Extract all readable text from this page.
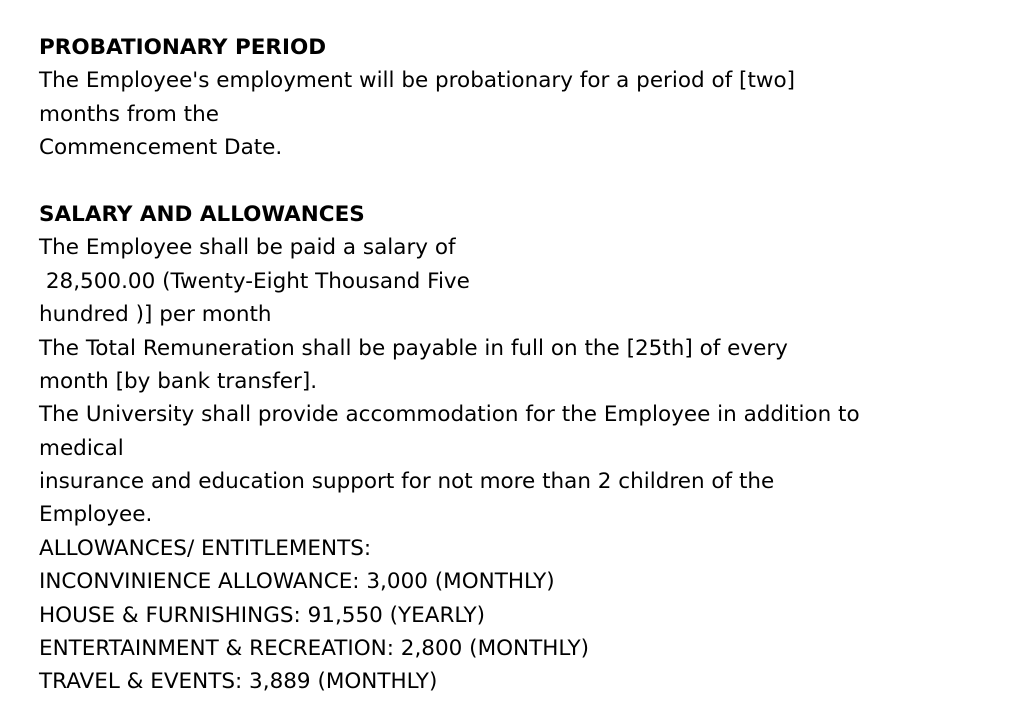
PROBATIONARY PERIOD
The Employee's employment will be probationary for a period of [two]
months from the
Commencement Date.
SALARY AND ALLOWANCES
The Employee shall be paid a salary of
28,500.00 (Twenty-Eight Thousand Five
hundred )] per month
The Total Remuneration shall be payable in full on the [25th] of every
month [by bank transfer].
The University shall provide accommodation for the Employee in addition to
medical
insurance and education support for not more than 2 children of the
Employee.
ALLOWANCES/ ENTITLEMENTS:
INCONVINIENCE ALLOWANCE: 3,000 (MONTHLY)
HOUSE & FURNISHINGS: 91,550 (YEARLY)
ENTERTAINMENT & RECREATION: 2,800 (MONTHLY)
TRAVEL & EVENTS: 3,889 (MONTHLY)
